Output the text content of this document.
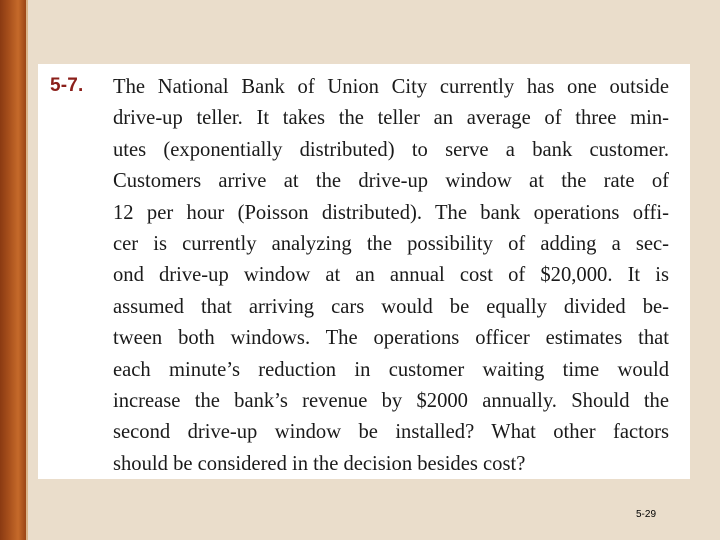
5-7. The National Bank of Union City currently has one outside
drive-up teller. It takes the teller an average of three min-
utes (exponentially distributed) to serve a bank customer.
Customers arrive at the drive-up window at the rate of
12 per hour (Poisson distributed). The bank operations offi-
cer is currently analyzing the possibility of adding a sec-
ond drive-up window at an annual cost of $20,000. It is
assumed that arriving cars would be equally divided be-
tween both windows. The operations officer estimates that
each minute’s reduction in customer waiting time would
increase the bank’s revenue by $2000 annually. Should the
second drive-up window be installed? What other factors
should be considered in the decision besides cost?
5-29
